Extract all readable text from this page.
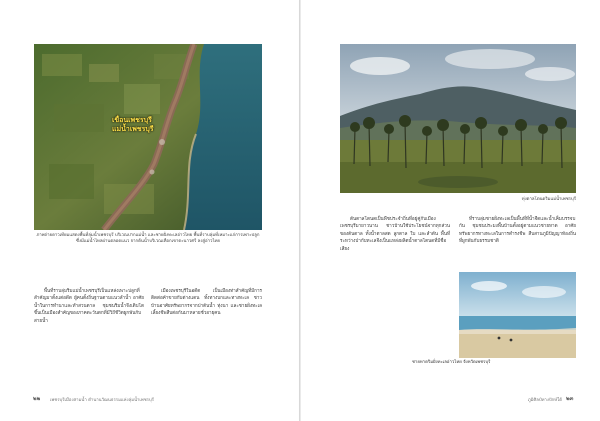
เขื่อนเพชรบุรี
แม่น้ำเพชรบุรี
ภาพถ่ายดาวเทียมแสดงพื้นที่ลุ่มน้ำเพชรบุรี บริเวณปากแม่น้ำ และชายฝั่งทะเลอ่าวไทย พื้นที่ราบลุ่มที่เหมาะแก่การเพาะปลูก ซึ่งมีแม่น้ำไหลผ่านตลอดแนว จากต้นน้ำบริเวณเทือกเขาตะนาวศรี ลงสู่อ่าวไทย

พื้นที่ราบลุ่มริมแม่น้ำเพชรบุรีเป็นแหล่งเพาะปลูกที่สำคัญมาตั้งแต่อดีต ผู้คนตั้งถิ่นฐานตามแนวลำน้ำ อาศัยน้ำในการทำนาและทำสวนตาล ชุมชนริมน้ำจึงเติบโตขึ้นเป็นเมืองสำคัญของภาคตะวันตกที่มีวิถีชีวิตผูกพันกับสายน้ำ

เมืองเพชรบุรีในอดีต เป็นเมืองท่าสำคัญที่มีการติดต่อค้าขายกับต่างแดน ทั้งทางบกและทางทะเล ชาวบ้านอาศัยทรัพยากรจากป่าต้นน้ำ ทุ่งนา และชายฝั่งทะเล เลี้ยงชีพสืบต่อกันมาหลายชั่วอายุคน

๒๒ เพชรบุรีเมืองสามน้ำ ตำนานวัฒนธรรมแห่งลุ่มน้ำเพชรบุรี
ทุ่งตาลโตนดริมแม่น้ำเพชรบุรี

ต้นตาลโตนดเป็นพืชประจำถิ่นที่อยู่คู่กับเมืองเพชรบุรีมายาวนาน ชาวบ้านใช้ประโยชน์จากทุกส่วนของต้นตาล ทั้งน้ำตาลสด ลูกตาล ใบ และลำต้น พื้นที่ระหว่างป่ากับทะเลจึงเป็นแหล่งผลิตน้ำตาลโตนดที่มีชื่อเสียง

ที่ราบลุ่มชายฝั่งทะเลเป็นพื้นที่ที่น้ำจืดและน้ำเค็มบรรจบกัน ชุมชนประมงพื้นบ้านตั้งอยู่ตามแนวชายหาด อาศัยทรัพยากรทางทะเลในการดำรงชีพ สืบสานภูมิปัญญาท้องถิ่นที่ผูกพันกับธรรมชาติ

ชายหาดริมฝั่งทะเลอ่าวไทย จังหวัดเพชรบุรี
๒๓
ภูมิศิลป์ทางปักษ์ใต้
